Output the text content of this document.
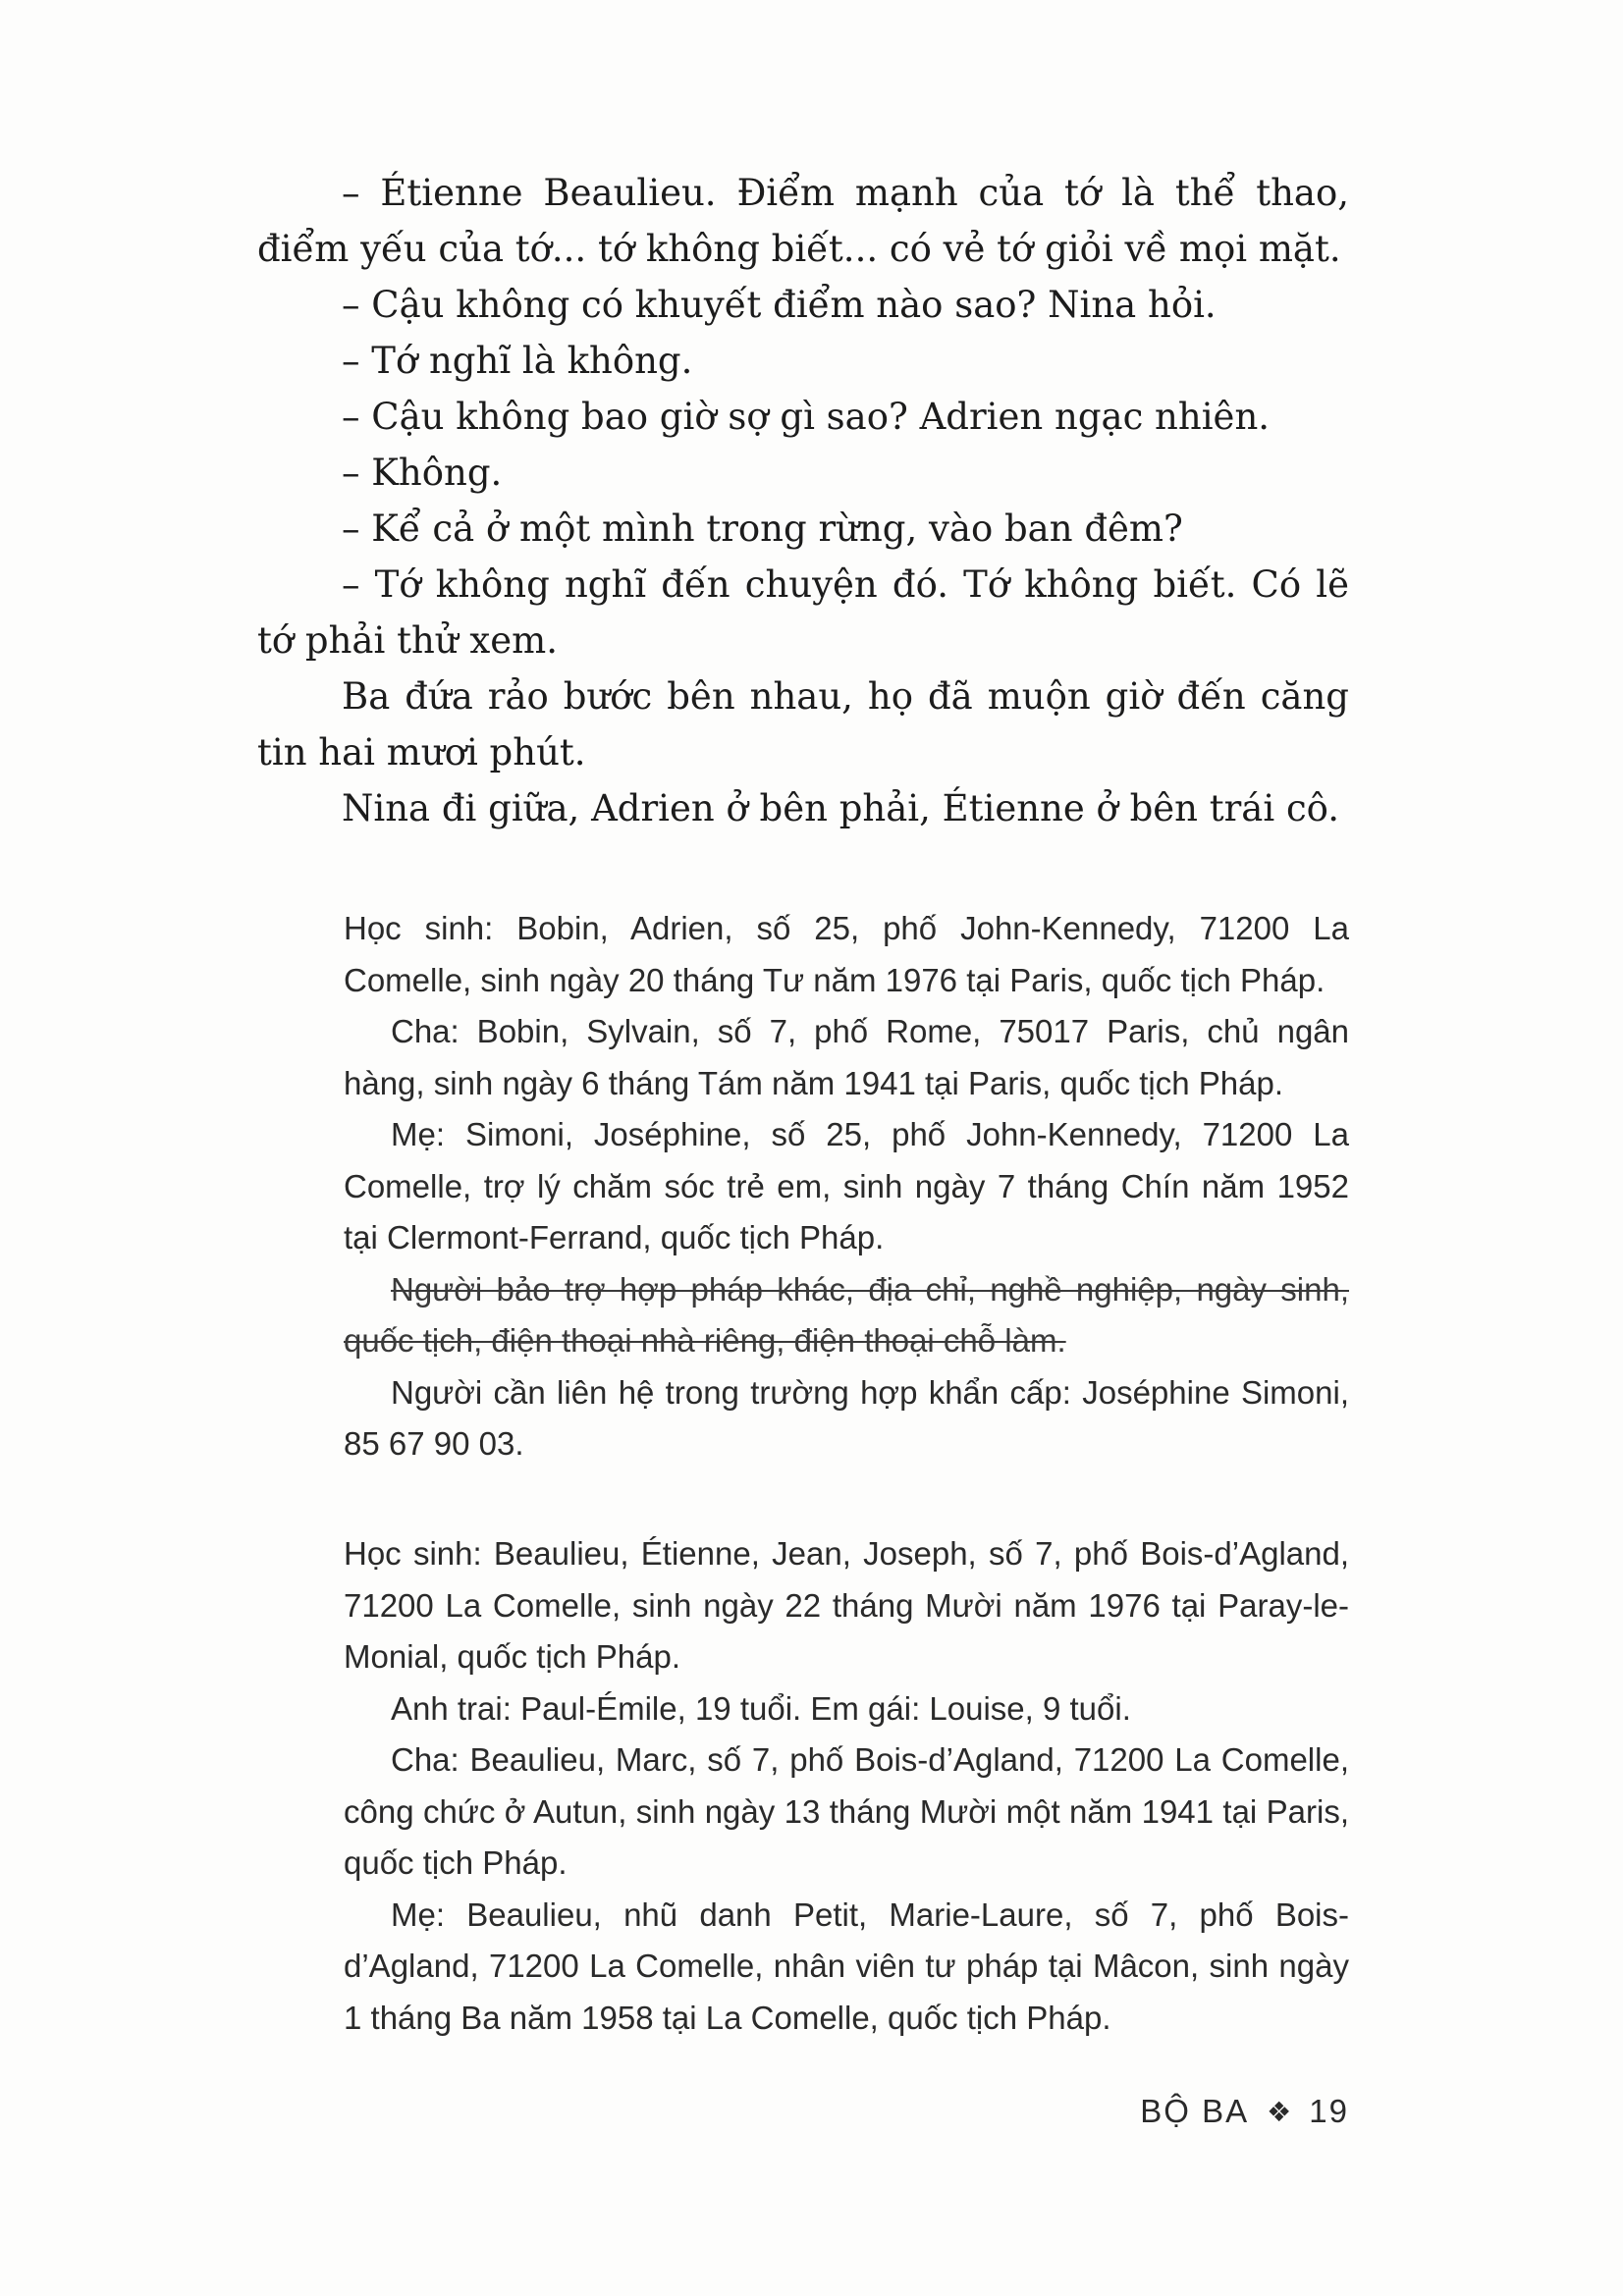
– Étienne Beaulieu. Điểm mạnh của tớ là thể thao, điểm yếu của tớ... tớ không biết... có vẻ tớ giỏi về mọi mặt.

– Cậu không có khuyết điểm nào sao? Nina hỏi.

– Tớ nghĩ là không.

– Cậu không bao giờ sợ gì sao? Adrien ngạc nhiên.

– Không.

– Kể cả ở một mình trong rừng, vào ban đêm?

– Tớ không nghĩ đến chuyện đó. Tớ không biết. Có lẽ tớ phải thử xem.

Ba đứa rảo bước bên nhau, họ đã muộn giờ đến căng tin hai mươi phút.

Nina đi giữa, Adrien ở bên phải, Étienne ở bên trái cô.

Học sinh: Bobin, Adrien, số 25, phố John-Kennedy, 71200 La Comelle, sinh ngày 20 tháng Tư năm 1976 tại Paris, quốc tịch Pháp.

Cha: Bobin, Sylvain, số 7, phố Rome, 75017 Paris, chủ ngân hàng, sinh ngày 6 tháng Tám năm 1941 tại Paris, quốc tịch Pháp.

Mẹ: Simoni, Joséphine, số 25, phố John-Kennedy, 71200 La Comelle, trợ lý chăm sóc trẻ em, sinh ngày 7 tháng Chín năm 1952 tại Clermont-Ferrand, quốc tịch Pháp.

Người bảo trợ hợp pháp khác, địa chỉ, nghề nghiệp, ngày sinh, quốc tịch, điện thoại nhà riêng, điện thoại chỗ làm.

Người cần liên hệ trong trường hợp khẩn cấp: Joséphine Simoni, 85 67 90 03.

Học sinh: Beaulieu, Étienne, Jean, Joseph, số 7, phố Bois-d’Agland, 71200 La Comelle, sinh ngày 22 tháng Mười năm 1976 tại Paray-le-Monial, quốc tịch Pháp.

Anh trai: Paul-Émile, 19 tuổi. Em gái: Louise, 9 tuổi.

Cha: Beaulieu, Marc, số 7, phố Bois-d’Agland, 71200 La Comelle, công chức ở Autun, sinh ngày 13 tháng Mười một năm 1941 tại Paris, quốc tịch Pháp.

Mẹ: Beaulieu, nhũ danh Petit, Marie-Laure, số 7, phố Bois-d’Agland, 71200 La Comelle, nhân viên tư pháp tại Mâcon, sinh ngày 1 tháng Ba năm 1958 tại La Comelle, quốc tịch Pháp.

BỘ BA ❖ 19
